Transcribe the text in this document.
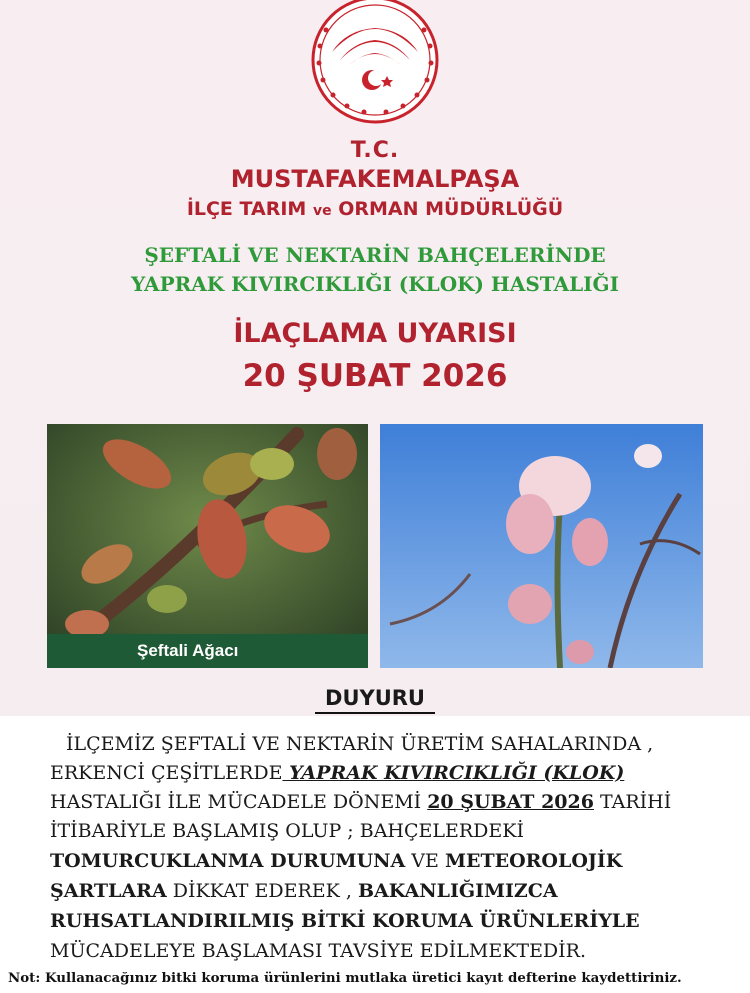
T.C.
MUSTAFAKEMALPAŞA
İLÇE TARIM ve ORMAN MÜDÜRLÜĞÜ
ŞEFTALİ VE NEKTARİN BAHÇELERİNDE
YAPRAK KIVIRCIKLIĞI (KLOK) HASTALIĞI
İLAÇLAMA UYARISI
20 ŞUBAT 2026
Şeftali Ağacı
DUYURU
İLÇEMİZ ŞEFTALİ VE NEKTARİN ÜRETİM SAHALARINDA ,
ERKENCİ ÇEŞİTLERDE YAPRAK KIVIRCIKLIĞI (KLOK)
HASTALIĞI İLE MÜCADELE DÖNEMİ 20 ŞUBAT 2026 TARİHİ
İTİBARİYLE BAŞLAMIŞ OLUP ; BAHÇELERDEKİ
TOMURCUKLANMA DURUMUNA VE METEOROLOJİK
ŞARTLARA DİKKAT EDEREK , BAKANLIĞIMIZCA
RUHSATLANDIRILMIŞ BİTKİ KORUMA ÜRÜNLERİYLE
MÜCADELEYE BAŞLAMASI TAVSİYE EDİLMEKTEDİR.
Not: Kullanacağınız bitki koruma ürünlerini mutlaka üretici kayıt defterine kaydettiriniz.
